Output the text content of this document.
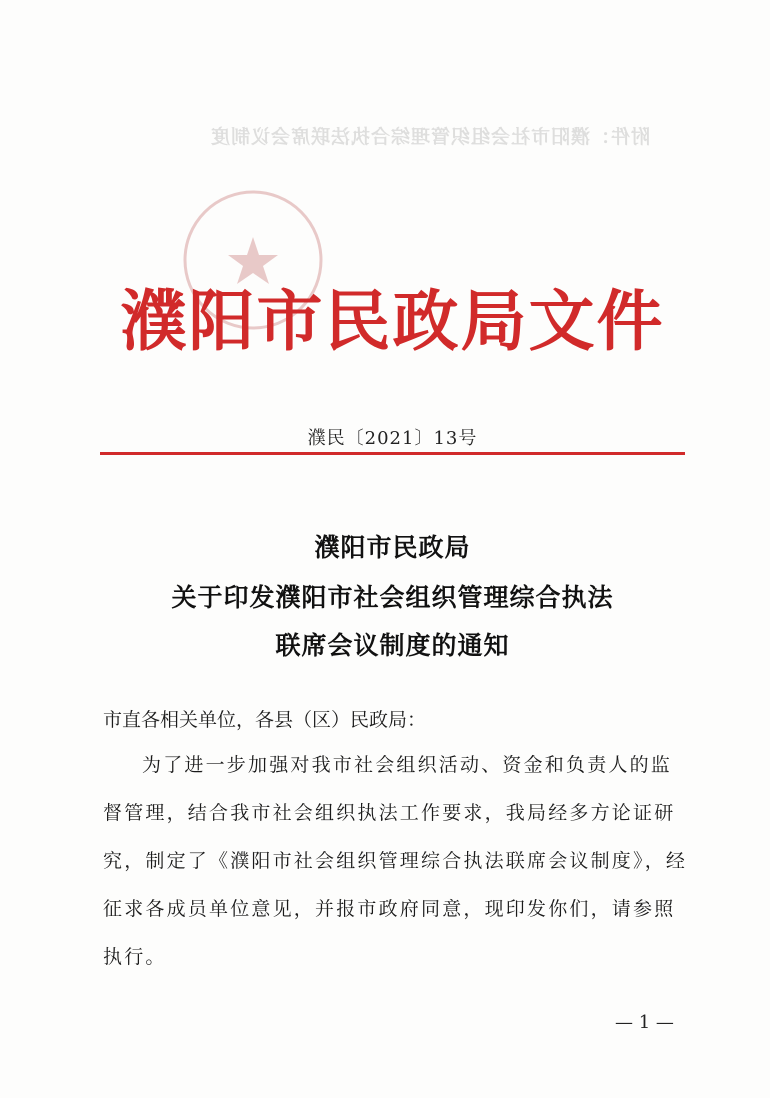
附件：濮阳市社会组织管理综合执法联席会议制度
濮阳市民政局文件
濮民〔2021〕13号
濮阳市民政局
关于印发濮阳市社会组织管理综合执法
联席会议制度的通知
市直各相关单位，各县（区）民政局：
为了进一步加强对我市社会组织活动、资金和负责人的监
督管理，结合我市社会组织执法工作要求，我局经多方论证研
究，制定了《濮阳市社会组织管理综合执法联席会议制度》，经
征求各成员单位意见，并报市政府同意，现印发你们，请参照
执行。
— 1 —
